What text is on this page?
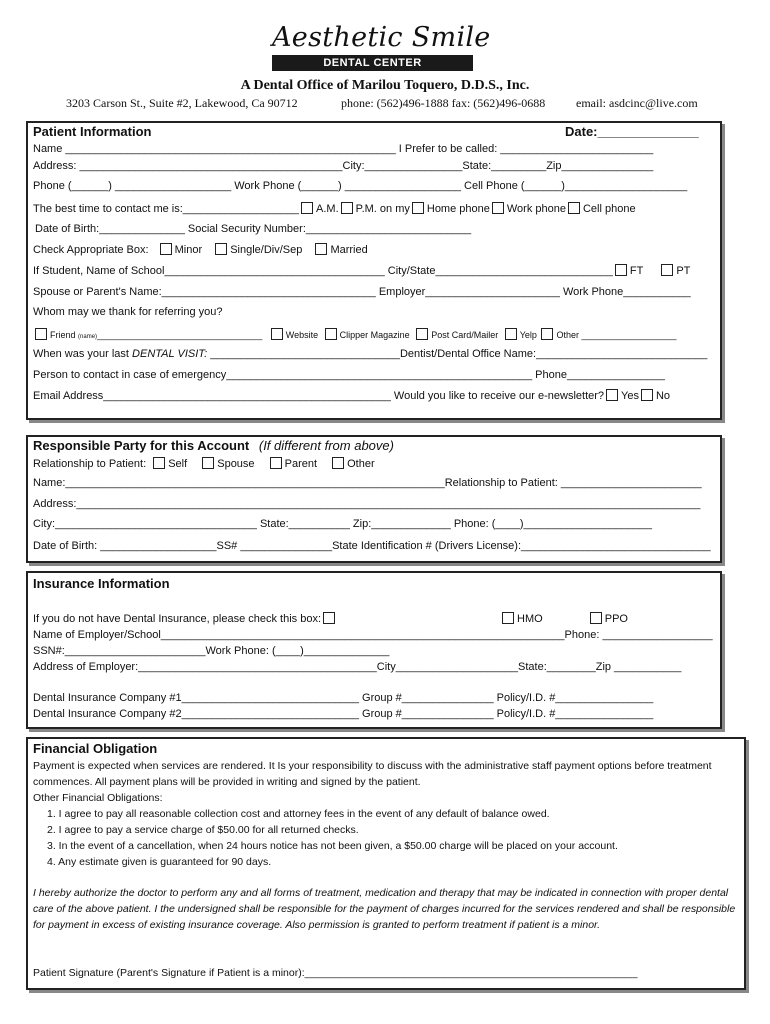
Aesthetic Smile
DENTAL CENTER
A Dental Office of Marilou Toquero, D.D.S., Inc.
3203 Carson St., Suite #2, Lakewood, Ca 90712	phone: (562)496-1888 fax: (562)496-0688	email: asdcinc@live.com
Patient Information	Date:______________
Name ______________________________________________________ I Prefer to be called: _________________________
Address: ___________________________________________City:________________State:_________Zip_______________
Phone (______) ___________________ Work Phone (______) ___________________ Cell Phone (______)____________________
The best time to contact me is:___________________ A.M. P.M. on my Home phone Work phone Cell phone
Date of Birth:______________ Social Security Number:___________________________
Check Appropriate Box: Minor	Single/Div/Sep	Married
If Student, Name of School____________________________________ City/State_____________________________ FT	PT
Spouse or Parent's Name:___________________________________ Employer______________________ Work Phone___________
Whom may we thank for referring you?
Friend (name)_________________________________	Website Clipper Magazine Post Card/Mailer Yelp Other ___________________
When was your last DENTAL VISIT: _______________________________Dentist/Dental Office Name:____________________________
Person to contact in case of emergency__________________________________________________ Phone________________
Email Address_______________________________________________ Would you like to receive our e-newsletter? Yes No
Responsible Party for this Account (If different from above)
Relationship to Patient: Self	Spouse	Parent	Other
Name:______________________________________________________________Relationship to Patient: _______________________
Address:______________________________________________________________________________________________________
City:_________________________________ State:__________ Zip:_____________ Phone: (____)_____________________
Date of Birth: ___________________SS# _______________State Identification # (Drivers License):_______________________________
Insurance Information
If you do not have Dental Insurance, please check this box:	HMO	PPO
Name of Employer/School__________________________________________________________________Phone: __________________
SSN#:_______________________Work Phone: (____)______________
Address of Employer:_______________________________________City____________________State:________Zip ___________
Dental Insurance Company #1_____________________________ Group #_______________ Policy/I.D. #________________
Dental Insurance Company #2_____________________________ Group #_______________ Policy/I.D. #________________
Financial Obligation
Payment is expected when services are rendered. It Is your responsibility to discuss with the administrative staff payment options before treatment commences. All payment plans will be provided in writing and signed by the patient.
Other Financial Obligations:
1. I agree to pay all reasonable collection cost and attorney fees in the event of any default of balance owed.
2. I agree to pay a service charge of $50.00 for all returned checks.
3. In the event of a cancellation, when 24 hours notice has not been given, a $50.00 charge will be placed on your account.
4. Any estimate given is guaranteed for 90 days.
I hereby authorize the doctor to perform any and all forms of treatment, medication and therapy that may be indicated in connection with proper dental care of the above patient. I the undersigned shall be responsible for the payment of charges incurred for the services rendered and shall be responsible for payment in excess of existing insurance coverage. Also permission is granted to perform treatment if patient is a minor.
Patient Signature (Parent's Signature if Patient is a minor):_________________________________________________________
